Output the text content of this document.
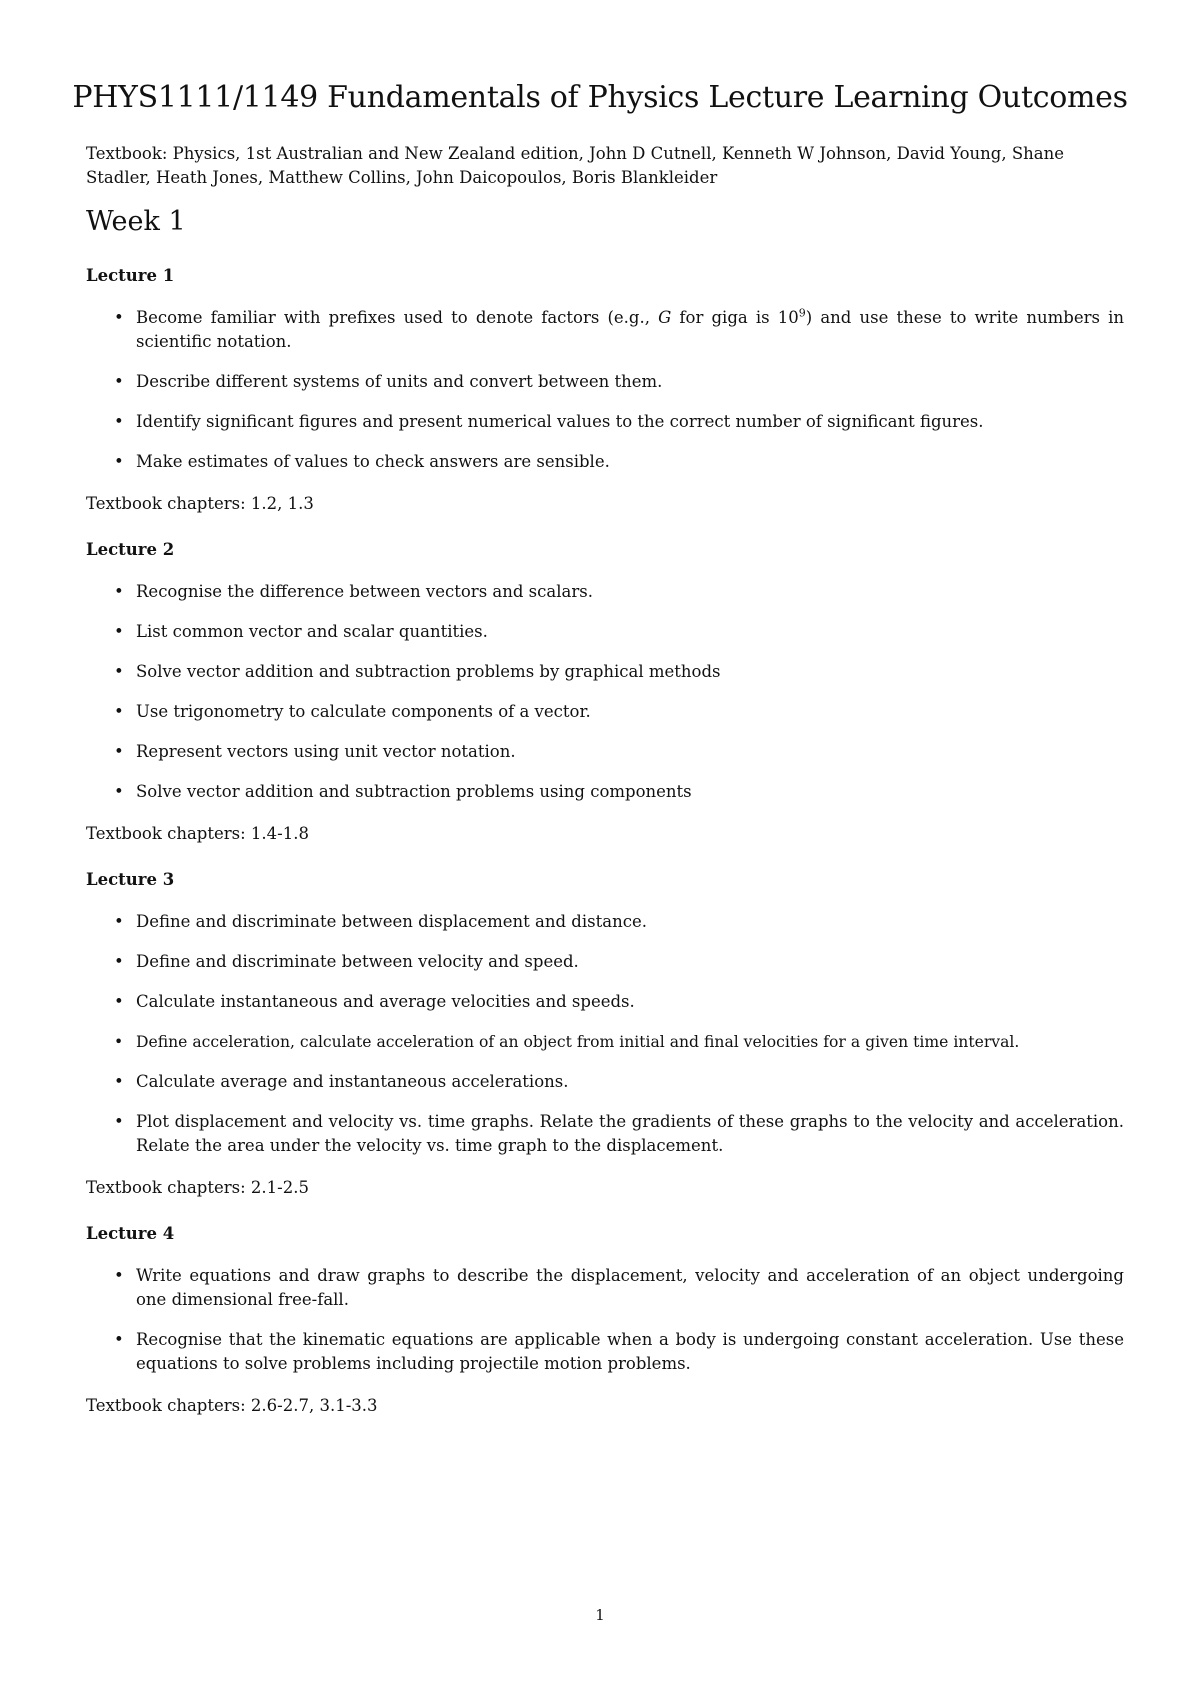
PHYS1111/1149 Fundamentals of Physics Lecture Learning Outcomes

Textbook: Physics, 1st Australian and New Zealand edition, John D Cutnell, Kenneth W Johnson, David Young, Shane Stadler, Heath Jones, Matthew Collins, John Daicopoulos, Boris Blankleider

Week 1
Lecture 1
• Become familiar with prefixes used to denote factors (e.g., G for giga is $10^9$) and use these to write numbers in scientific notation.
• Describe different systems of units and convert between them.
• Identify significant figures and present numerical values to the correct number of significant figures.
• Make estimates of values to check answers are sensible.

Textbook chapters: 1.2, 1.3

Lecture 2
• Recognise the difference between vectors and scalars.
• List common vector and scalar quantities.
• Solve vector addition and subtraction problems by graphical methods
• Use trigonometry to calculate components of a vector.
• Represent vectors using unit vector notation.
• Solve vector addition and subtraction problems using components

Textbook chapters: 1.4-1.8

Lecture 3
• Define and discriminate between displacement and distance.
• Define and discriminate between velocity and speed.
• Calculate instantaneous and average velocities and speeds.
• Define acceleration, calculate acceleration of an object from initial and final velocities for a given time interval.
• Calculate average and instantaneous accelerations.
• Plot displacement and velocity vs. time graphs. Relate the gradients of these graphs to the velocity and acceleration. Relate the area under the velocity vs. time graph to the displacement.

Textbook chapters: 2.1-2.5

Lecture 4
• Write equations and draw graphs to describe the displacement, velocity and acceleration of an object undergoing one dimensional free-fall.
• Recognise that the kinematic equations are applicable when a body is undergoing constant acceleration. Use these equations to solve problems including projectile motion problems.

Textbook chapters: 2.6-2.7, 3.1-3.3

1
